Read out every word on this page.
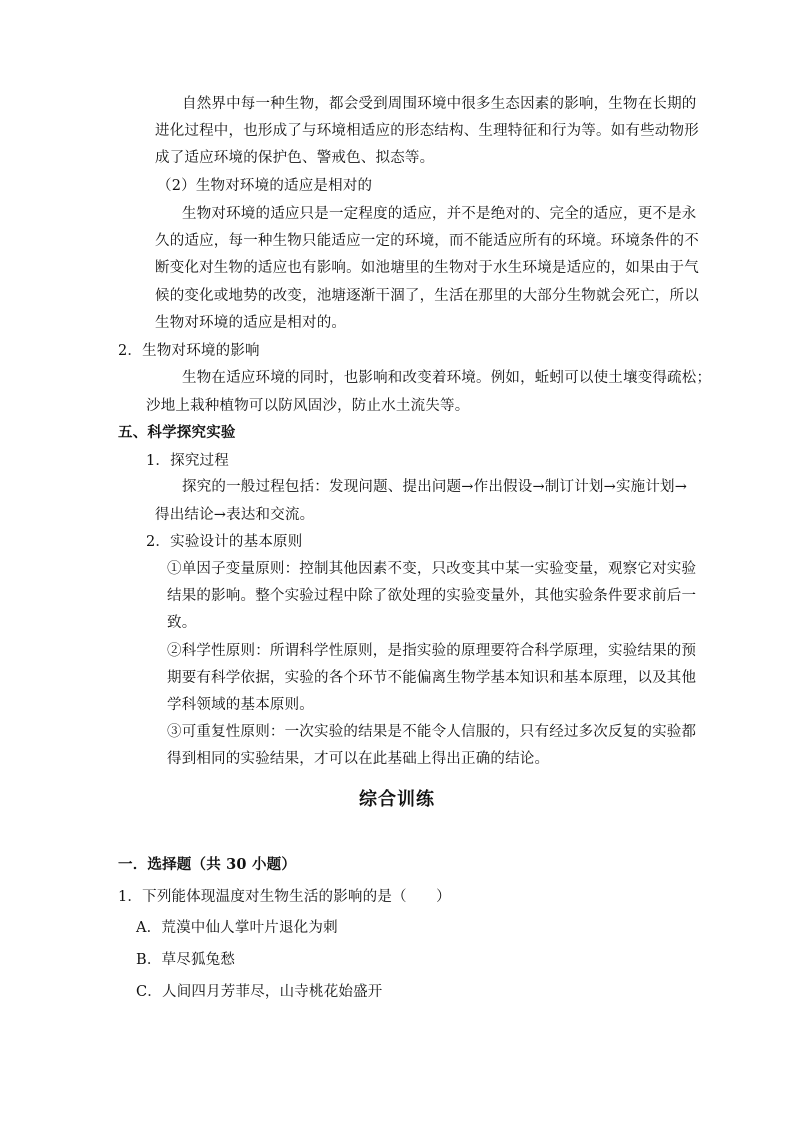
自然界中每一种生物，都会受到周围环境中很多生态因素的影响，生物在长期的
进化过程中，也形成了与环境相适应的形态结构、生理特征和行为等。如有些动物形
成了适应环境的保护色、警戒色、拟态等。
（2）生物对环境的适应是相对的
生物对环境的适应只是一定程度的适应，并不是绝对的、完全的适应，更不是永
久的适应，每一种生物只能适应一定的环境，而不能适应所有的环境。环境条件的不
断变化对生物的适应也有影响。如池塘里的生物对于水生环境是适应的，如果由于气
候的变化或地势的改变，池塘逐渐干涸了，生活在那里的大部分生物就会死亡，所以
生物对环境的适应是相对的。
2．生物对环境的影响
生物在适应环境的同时，也影响和改变着环境。例如，蚯蚓可以使土壤变得疏松；
沙地上栽种植物可以防风固沙，防止水土流失等。
五、科学探究实验
1．探究过程
探究的一般过程包括：发现问题、提出问题→作出假设→制订计划→实施计划→
得出结论→表达和交流。
2．实验设计的基本原则
①单因子变量原则：控制其他因素不变，只改变其中某一实验变量，观察它对实验
结果的影响。整个实验过程中除了欲处理的实验变量外，其他实验条件要求前后一
致。
②科学性原则：所谓科学性原则，是指实验的原理要符合科学原理，实验结果的预
期要有科学依据，实验的各个环节不能偏离生物学基本知识和基本原理，以及其他
学科领域的基本原则。
③可重复性原则：一次实验的结果是不能令人信服的，只有经过多次反复的实验都
得到相同的实验结果，才可以在此基础上得出正确的结论。
综合训练
一．选择题（共 30 小题）
1．下列能体现温度对生物生活的影响的是（　　）
A．荒漠中仙人掌叶片退化为刺
B．草尽狐兔愁
C．人间四月芳菲尽，山寺桃花始盛开
